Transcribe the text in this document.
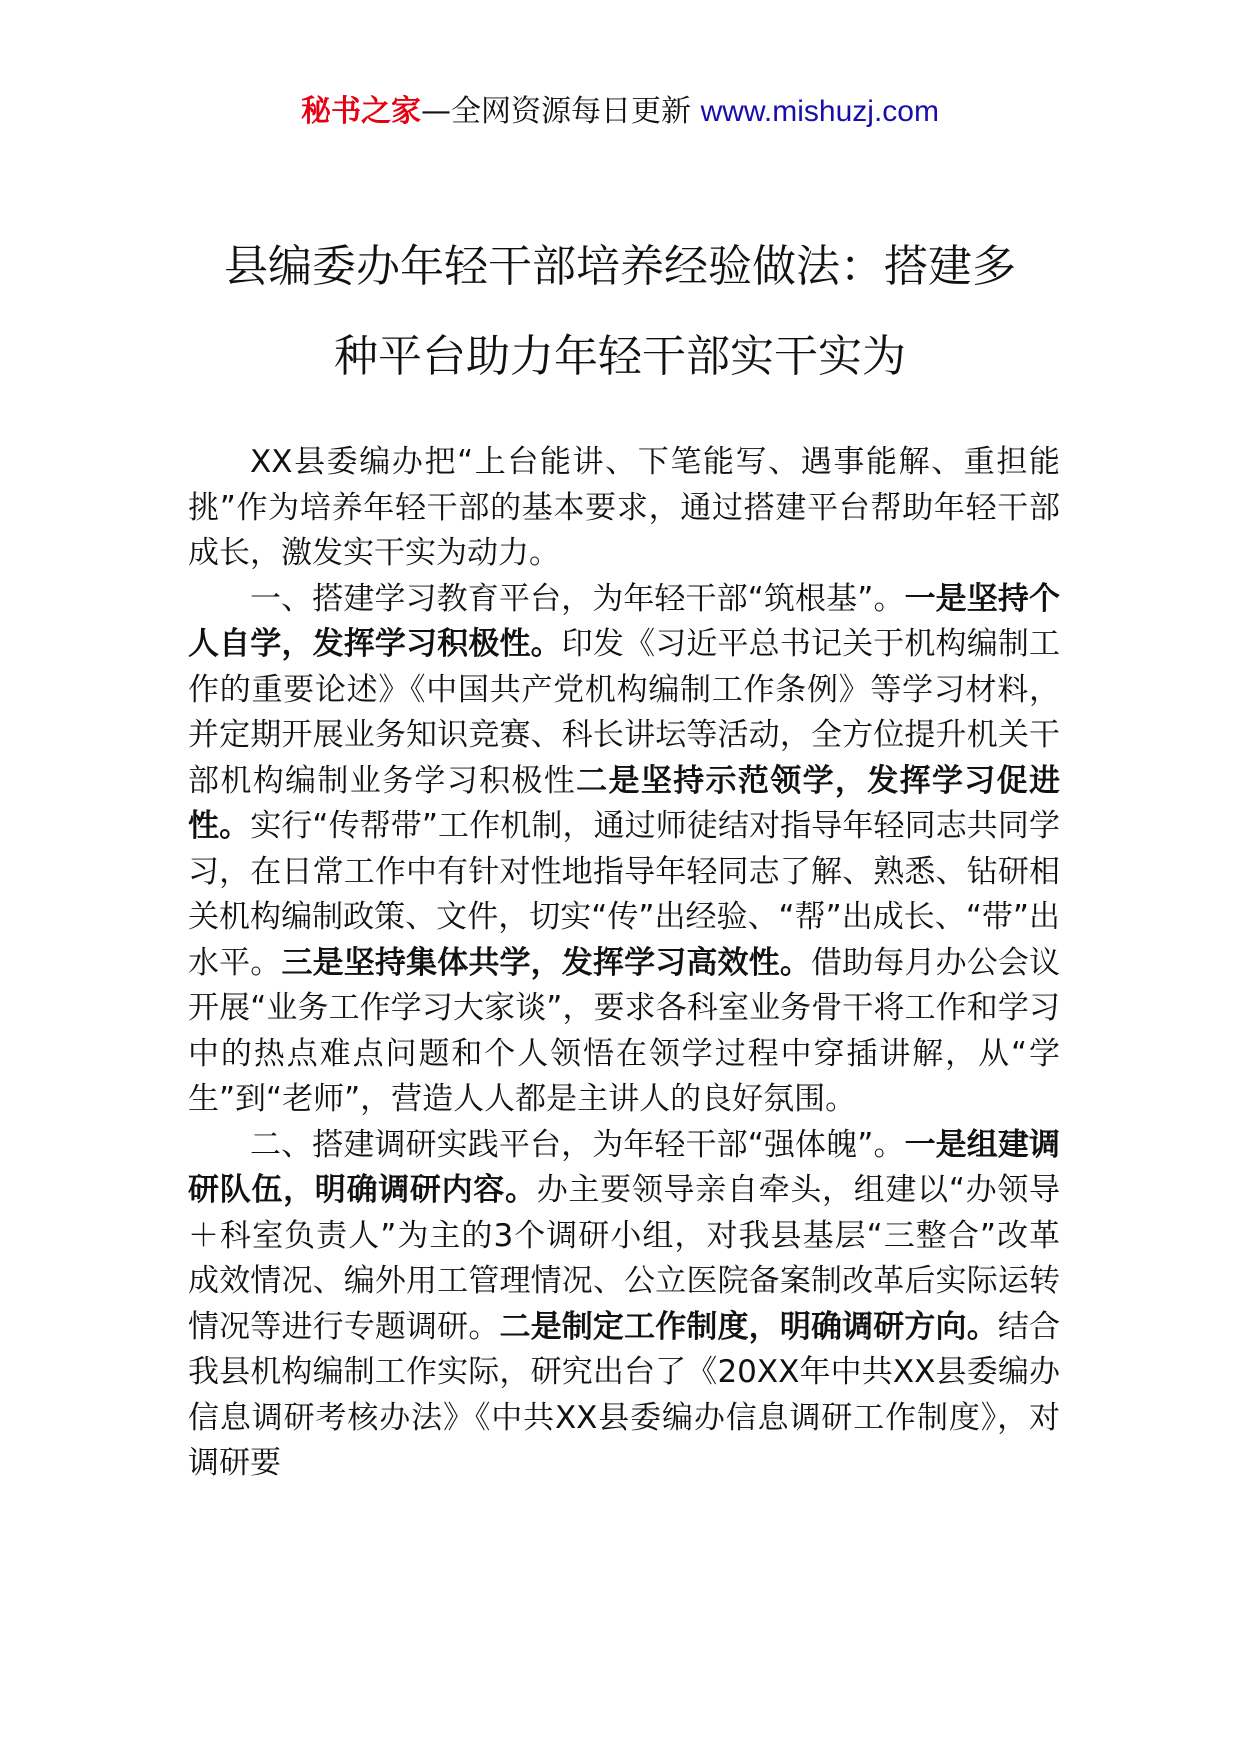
秘书之家—全网资源每日更新 www.mishuzj.com
县编委办年轻干部培养经验做法：搭建多
种平台助力年轻干部实干实为

XX县委编办把“上台能讲、下笔能写、遇事能解、重担能挑”作为培养年轻干部的基本要求，通过搭建平台帮助年轻干部成长，激发实干实为动力。

一、搭建学习教育平台，为年轻干部“筑根基”。一是坚持个人自学，发挥学习积极性。印发《习近平总书记关于机构编制工作的重要论述》《中国共产党机构编制工作条例》等学习材料，并定期开展业务知识竞赛、科长讲坛等活动，全方位提升机关干部机构编制业务学习积极性二是坚持示范领学，发挥学习促进性。实行“传帮带”工作机制，通过师徒结对指导年轻同志共同学习，在日常工作中有针对性地指导年轻同志了解、熟悉、钻研相关机构编制政策、文件，切实“传”出经验、“帮”出成长、“带”出水平。三是坚持集体共学，发挥学习高效性。借助每月办公会议开展“业务工作学习大家谈”，要求各科室业务骨干将工作和学习中的热点难点问题和个人领悟在领学过程中穿插讲解，从“学生”到“老师”，营造人人都是主讲人的良好氛围。

二、搭建调研实践平台，为年轻干部“强体魄”。一是组建调研队伍，明确调研内容。办主要领导亲自牵头，组建以“办领导＋科室负责人”为主的3个调研小组，对我县基层“三整合”改革成效情况、编外用工管理情况、公立医院备案制改革后实际运转情况等进行专题调研。二是制定工作制度，明确调研方向。结合我县机构编制工作实际，研究出台了《20XX年中共XX县委编办信息调研考核办法》《中共XX县委编办信息调研工作制度》，对调研要
